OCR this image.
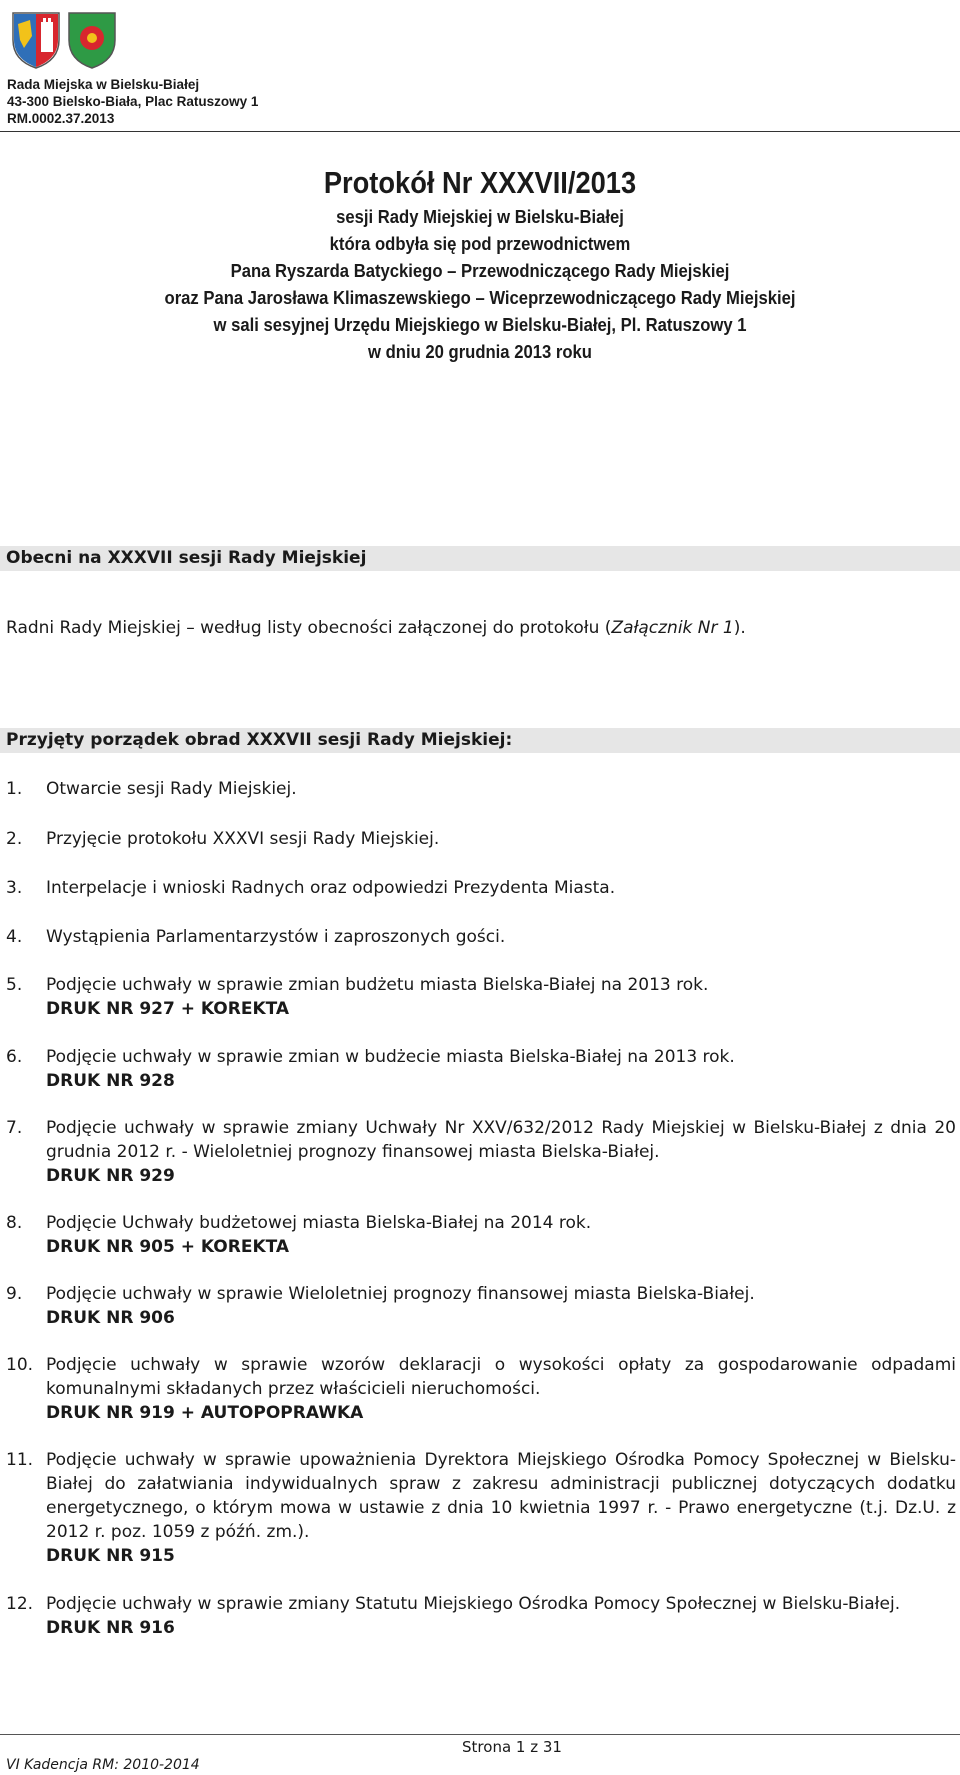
Rada Miejska w Bielsku-Białej
43-300 Bielsko-Biała, Plac Ratuszowy 1
RM.0002.37.2013
Protokół Nr XXXVII/2013
sesji Rady Miejskiej w Bielsku-Białej
która odbyła się pod przewodnictwem
Pana Ryszarda Batyckiego – Przewodniczącego Rady Miejskiej
oraz Pana Jarosława Klimaszewskiego – Wiceprzewodniczącego Rady Miejskiej
w sali sesyjnej Urzędu Miejskiego w Bielsku-Białej, Pl. Ratuszowy 1
w dniu 20 grudnia 2013 roku
Obecni na XXXVII sesji Rady Miejskiej
Radni Rady Miejskiej – według listy obecności załączonej do protokołu (Załącznik Nr 1).
Przyjęty porządek obrad XXXVII sesji Rady Miejskiej:
1. Otwarcie sesji Rady Miejskiej.
2. Przyjęcie protokołu XXXVI sesji Rady Miejskiej.
3. Interpelacje i wnioski Radnych oraz odpowiedzi Prezydenta Miasta.
4. Wystąpienia Parlamentarzystów i zaproszonych gości.
5. Podjęcie uchwały w sprawie zmian budżetu miasta Bielska-Białej na 2013 rok.
DRUK NR 927 + KOREKTA
6. Podjęcie uchwały w sprawie zmian w budżecie miasta Bielska-Białej na 2013 rok.
DRUK NR 928
7. Podjęcie uchwały w sprawie zmiany Uchwały Nr XXV/632/2012 Rady Miejskiej w Bielsku-Białej z dnia 20 grudnia 2012 r. - Wieloletniej prognozy finansowej miasta Bielska-Białej.
DRUK NR 929
8. Podjęcie Uchwały budżetowej miasta Bielska-Białej na 2014 rok.
DRUK NR 905 + KOREKTA
9. Podjęcie uchwały w sprawie Wieloletniej prognozy finansowej miasta Bielska-Białej.
DRUK NR 906
10. Podjęcie uchwały w sprawie wzorów deklaracji o wysokości opłaty za gospodarowanie odpadami komunalnymi składanych przez właścicieli nieruchomości.
DRUK NR 919 + AUTOPOPRAWKA
11. Podjęcie uchwały w sprawie upoważnienia Dyrektora Miejskiego Ośrodka Pomocy Społecznej w Bielsku-Białej do załatwiania indywidualnych spraw z zakresu administracji publicznej dotyczących dodatku energetycznego, o którym mowa w ustawie z dnia 10 kwietnia 1997 r. - Prawo energetyczne (t.j. Dz.U. z 2012 r. poz. 1059 z późń. zm.).
DRUK NR 915
12. Podjęcie uchwały w sprawie zmiany Statutu Miejskiego Ośrodka Pomocy Społecznej w Bielsku-Białej.
DRUK NR 916
Strona 1 z 31
VI Kadencja RM: 2010-2014
